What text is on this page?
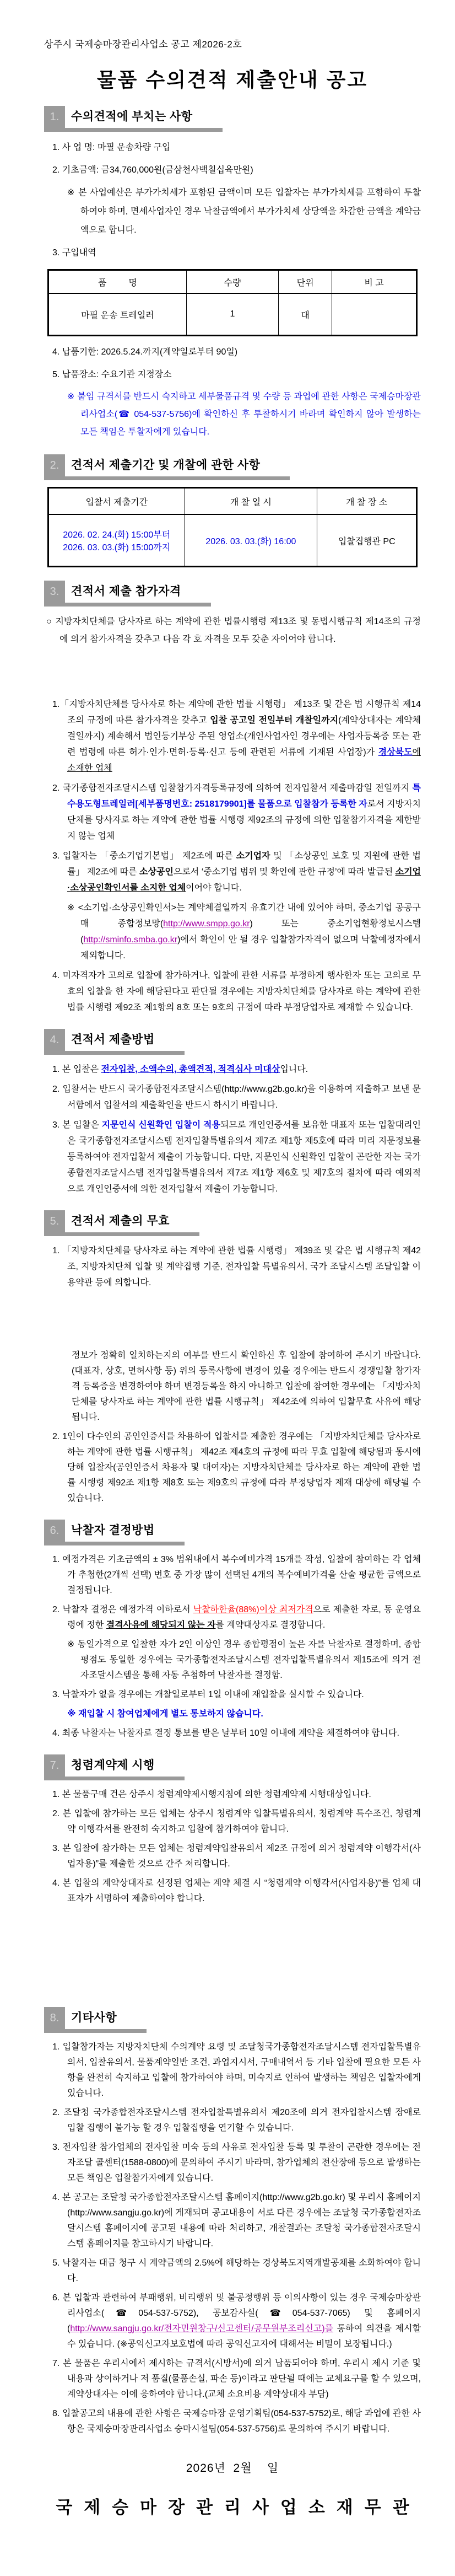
상주시 국제승마장관리사업소 공고 제2026-2호
물품 수의견적 제출안내 공고
1.	수의견적에 부치는 사항

1. 사 업 명: 마필 운송차량 구입

2. 기초금액: 금34,760,000원(금삼천사백칠십육만원)

※ 본 사업예산은 부가가치세가 포함된 금액이며 모든 입찰자는 부가가치세를 포함하여 투찰하여야 하며, 면세사업자인 경우 낙찰금액에서 부가가치세 상당액을 차감한 금액을 계약금액으로 합니다.

3. 구입내역

품         명	수량	단위	비 고
마필 운송 트레일러	1	대	

4. 납품기한: 2026.5.24.까지(계약일로부터 90일)

5. 납품장소: 수요기관 지정장소

※ 붙임 규격서를 반드시 숙지하고 세부물품규격 및 수량 등 과업에 관한 사항은 국제승마장관리사업소(☎ 054-537-5756)에 확인하신 후 투찰하시기 바라며 확인하지 않아 발생하는 모든 책임은 투찰자에게 있습니다.

2.	견적서 제출기간 및 개찰에 관한 사항
입찰서 제출기간	개 찰 일 시	개 찰 장 소
2026. 02. 24.(화) 15:00부터
2026. 03. 03.(화) 15:00까지	2026. 03. 03.(화) 16:00	입찰집행관 PC
3.	견적서 제출 참가자격

○ 지방자치단체를 당사자로 하는 계약에 관한 법률시행령 제13조 및 동법시행규칙 제14조의 규정에 의거 참가자격을 갖추고 다음 각 호 자격을 모두 갖춘 자이어야 합니다.

1.「지방자치단체를 당사자로 하는 계약에 관한 법률 시행령」 제13조 및 같은 법 시행규칙 제14조의 규정에 따른 참가자격을 갖추고 입찰 공고일 전일부터 개찰일까지(계약상대자는 계약체결일까지) 계속해서 법인등기부상 주된 영업소(개인사업자인 경우에는 사업자등록증 또는 관련 법령에 따른 허가·인가·면허·등록·신고 등에 관련된 서류에 기재된 사업장)가 경상북도에 소재한 업체

2. 국가종합전자조달시스템 입찰참가자격등록규정에 의하여 전자입찰서 제출마감일 전일까지 특수용도형트레일러[세부품명번호: 2518179901]를 물품으로 입찰참가 등록한 자로서 지방자치단체를 당사자로 하는 계약에 관한 법률 시행령 제92조의 규정에 의한 입찰참가자격을 제한받지 않는 업체

3. 입찰자는 「중소기업기본법」 제2조에 따른 소기업자 및 「소상공인 보호 및 지원에 관한 법률」 제2조에 따른 소상공인으로서 ‘중소기업 범위 및 확인에 관한 규정’에 따라 발급된 소기업·소상공인확인서를 소지한 업체이어야 합니다.

※ <소기업·소상공인확인서>는 계약체결일까지 유효기간 내에 있어야 하며, 중소기업 공공구매 종합정보망(http://www.smpp.go.kr) 또는 중소기업현황정보시스템(http://sminfo.smba.go.kr)에서 확인이 안 될 경우 입찰참가자격이 없으며 낙찰예정자에서 제외합니다.

4. 미자격자가 고의로 입찰에 참가하거나, 입찰에 관한 서류를 부정하게 행사한자 또는 고의로 무효의 입찰을 한 자에 해당된다고 판단될 경우에는 지방자치단체를 당사자로 하는 계약에 관한 법률 시행령 제92조 제1항의 8호 또는 9호의 규정에 따라 부정당업자로 제재할 수 있습니다.

4.	견적서 제출방법

1. 본 입찰은 전자입찰, 소액수의, 총액견적, 적격심사 미대상입니다.

2. 입찰서는 반드시 국가종합전자조달시스템(http://www.g2b.go.kr)을 이용하여 제출하고 보낸 문서함에서 입찰서의 제출확인을 반드시 하시기 바랍니다.

3. 본 입찰은 지문인식 신원확인 입찰이 적용되므로 개인인증서를 보유한 대표자 또는 입찰대리인은 국가종합전자조달시스템 전자입찰특별유의서 제7조 제1항 제5호에 따라 미리 지문정보를 등록하여야 전자입찰서 제출이 가능합니다. 다만, 지문인식 신원확인 입찰이 곤란한 자는 국가종합전자조달시스템 전자입찰특별유의서 제7조 제1항 제6호 및 제7호의 절차에 따라 예외적으로 개인인증서에 의한 전자입찰서 제출이 가능합니다.

5.	견적서 제출의 무효

1. 「지방자치단체를 당사자로 하는 계약에 관한 법률 시행령」 제39조 및 같은 법 시행규칙 제42조, 지방자치단체 입찰 및 계약집행 기준, 전자입찰 특별유의서, 국가 조달시스템 조달입찰 이용약관 등에 의합니다.

정보가 정확히 일치하는지의 여부를 반드시 확인하신 후 입찰에 참여하여 주시기 바랍니다.(대표자, 상호, 면허사항 등) 위의 등록사항에 변경이 있을 경우에는 반드시 경쟁입찰 참가자격 등록증을 변경하여야 하며 변경등록을 하지 아니하고 입찰에 참여한 경우에는 「지방자치단체를 당사자로 하는 계약에 관한 법률 시행규칙」 제42조에 의하여 입찰무효 사유에 해당됩니다.

2. 1인이 다수인의 공인인증서를 차용하여 입찰서를 제출한 경우에는 「지방자치단체를 당사자로 하는 계약에 관한 법률 시행규칙」 제42조 제4호의 규정에 따라 무효 입찰에 해당됨과 동시에 당해 입찰자(공인인증서 차용자 및 대여자)는 지방자치단체를 당사자로 하는 계약에 관한 법률 시행령 제92조 제1항 제8호 또는 제9호의 규정에 따라 부정당업자 제재 대상에 해당될 수 있습니다.

6.	낙찰자 결정방법

1. 예정가격은 기초금액의 ± 3% 범위내에서 복수예비가격 15개를 작성, 입찰에 참여하는 각 업체가 추첨한(2개씩 선택) 번호 중 가장 많이 선택된 4개의 복수예비가격을 산술 평균한 금액으로 결정됩니다.

2. 낙찰자 결정은 예정가격 이하로서 낙찰하한율(88%)이상 최저가격으로 제출한 자로, 동 운영요령에 정한 결격사유에 해당되지 않는 자를 계약대상자로 결정합니다.

※ 동일가격으로 입찰한 자가 2인 이상인 경우 종합평점이 높은 자를 낙찰자로 결정하며, 종합평점도 동일한 경우에는 국가종합전자조달시스템 전자입찰특별유의서 제15조에 의거 전자조달시스템을 통해 자동 추첨하여 낙찰자를 결정함.

3. 낙찰자가 없을 경우에는 개찰일로부터 1일 이내에 재입찰을 실시할 수 있습니다.

※ 재입찰 시 참여업체에게 별도 통보하지 않습니다.

4. 최종 낙찰자는 낙찰자로 결정 통보를 받은 날부터 10일 이내에 계약을 체결하여야 합니다.

7.	청렴계약제 시행

1. 본 물품구매 건은 상주시 청렴계약제시행지침에 의한 청렴계약제 시행대상입니다.

2. 본 입찰에 참가하는 모든 업체는 상주시 청렴계약 입찰특별유의서, 청렴계약 특수조건, 청렴계약 이행각서를 완전히 숙지하고 입찰에 참가하여야 합니다.

3. 본 입찰에 참가하는 모든 업체는 청렴계약입찰유의서 제2조 규정에 의거 청렴계약 이행각서(사업자용)”를 제출한 것으로 간주 처리합니다.

4. 본 입찰의 계약상대자로 선정된 업체는 계약 체결 시 “청렴계약 이행각서(사업자용)”를 업체 대표자가 서명하여 제출하여야 합니다.

8.	기타사항

1. 입찰참가자는 지방자치단체 수의계약 요령 및 조달청국가종합전자조달시스템 전자입찰특별유의서, 입찰유의서, 물품계약일반 조건, 과업지시서, 구매내역서 등 기타 입찰에 필요한 모든 사항을 완전히 숙지하고 입찰에 참가하여야 하며, 미숙지로 인하여 발생하는 책임은 입찰자에게 있습니다.

2. 조달청 국가종합전자조달시스템 전자입찰특별유의서 제20조에 의거 전자입찰시스템 장애로 입찰 집행이 불가능 할 경우 입찰집행을 연기할 수 있습니다.

3. 전자입찰 참가업체의 전자입찰 미숙 등의 사유로 전자입찰 등록 및 투찰이 곤란한 경우에는 전자조달 콜센터(1588-0800)에 문의하여 주시기 바라며, 참가업체의 전산장애 등으로 발생하는 모든 책임은 입찰참가자에게 있습니다.

4. 본 공고는 조달청 국가종합전자조달시스템 홈페이지(http://www.g2b.go.kr) 및 우리시 홈페이지 (http://www.sangju.go.kr)에 게재되며 공고내용이 서로 다른 경우에는 조달청 국가종합전자조달시스템 홈페이지에 공고된 내용에 따라 처리하고, 개찰결과는 조달청 국가종합전자조달시스템 홈페이지를 참고하시기 바랍니다.

5. 낙찰자는 대금 청구 시 계약금액의 2.5%에 해당하는 경상북도지역개발공채를 소화하여야 합니다.

6. 본 입찰과 관련하여 부패행위, 비리행위 및 불공정행위 등 이의사항이 있는 경우 국제승마장관리사업소(☎054-537-5752), 공보감사실(☎054-537-7065) 및 홈페이지 (http://www.sangju.go.kr/전자민원창구/신고센터/공무원부조리신고)를 통하여 의견을 제시할 수 있습니다. (※공익신고자보호법에 따라 공익신고자에 대해서는 비밀이 보장됩니다.)

7. 본 물품은 우리시에서 제시하는 규격서(시방서)에 의거 납품되어야 하며, 우리시 제시 기준 및 내용과 상이하거나 저 품질(물품손실, 파손 등)이라고 판단될 때에는 교체요구를 할 수 있으며, 계약상대자는 이에 응하여야 합니다.(교체 소요비용 계약상대자 부담)

8. 입찰공고의 내용에 관한 사항은 국제승마장 운영기획팀(054-537-5752)로, 해당 과업에 관한 사항은 국제승마장관리사업소 승마시설팀(054-537-5756)로 문의하여 주시기 바랍니다.

2026년  2월    일
국제승마장관리사업소재무관
